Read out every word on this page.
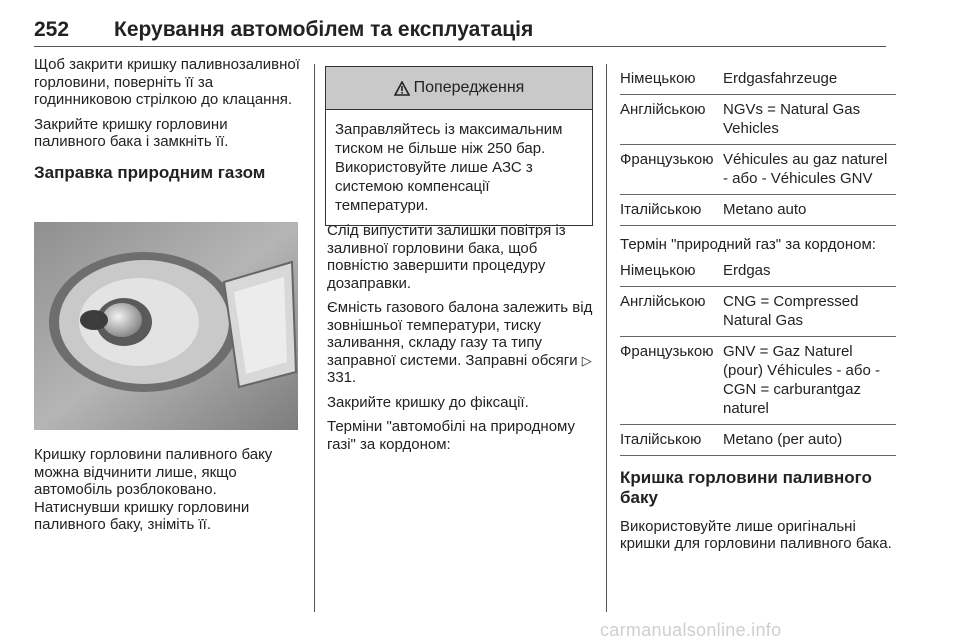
252 Керування автомобілем та експлуатація

Щоб закрити кришку паливнозаливної горловини, поверніть її за годинниковою стрілкою до клацання.

Закрийте кришку горловини паливного бака і замкніть її.

Заправка природним газом

Кришку горловини паливного баку можна відчинити лише, якщо автомобіль розблоковано. Натиснувши кришку горловини паливного баку, зніміть її.

Попередження
Заправляйтесь із максимальним тиском не більше ніж 250 бар. Використовуйте лише АЗС з системою компенсації температури.

Слід випустити залишки повітря із заливної горловини бака, щоб повністю завершити процедуру дозаправки.

Ємність газового балона залежить від зовнішньої температури, тиску заливання, складу газу та типу заправної системи. Заправні обсяги ▷ 331.

Закрийте кришку до фіксації.

Терміни "автомобілі на природному газі" за кордоном:

Німецькою	Erdgasfahrzeuge
Англійською	NGVs = Natural Gas Vehicles
Французькою	Véhicules au gaz naturel - або - Véhicules GNV
Італійською	Metano auto

Термін "природний газ" за кордоном:

Німецькою	Erdgas
Англійською	CNG = Compressed Natural Gas
Французькою	GNV = Gaz Naturel (pour) Véhicules - або - CGN = carburantgaz naturel
Італійською	Metano (per auto)

Кришка горловини паливного баку

Використовуйте лише оригінальні кришки для горловини паливного бака.

carmanualsonline.info
